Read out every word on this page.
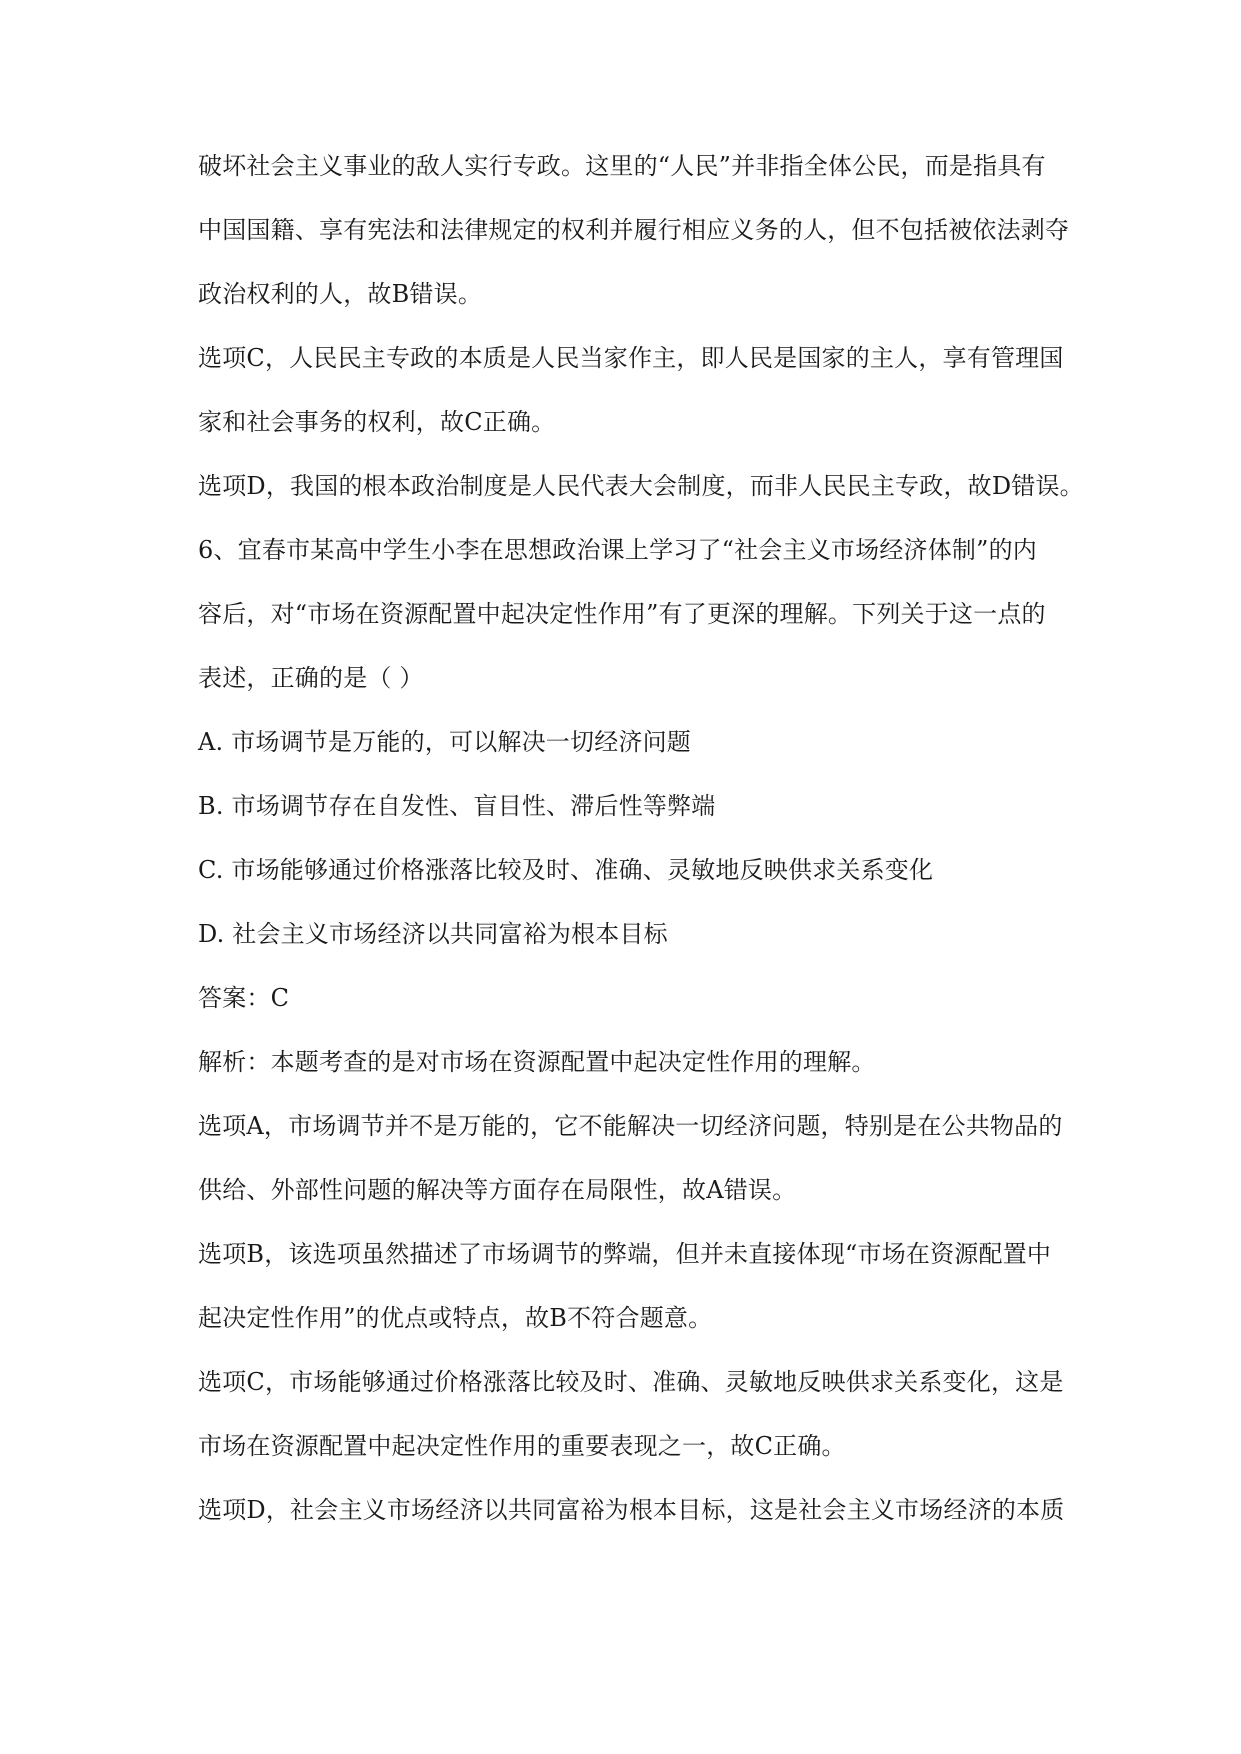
破坏社会主义事业的敌人实行专政。这里的“人民”并非指全体公民，而是指具有
中国国籍、享有宪法和法律规定的权利并履行相应义务的人，但不包括被依法剥夺
政治权利的人，故B错误。
选项C，人民民主专政的本质是人民当家作主，即人民是国家的主人，享有管理国
家和社会事务的权利，故C正确。
选项D，我国的根本政治制度是人民代表大会制度，而非人民民主专政，故D错误。
6、宜春市某高中学生小李在思想政治课上学习了“社会主义市场经济体制”的内
容后，对“市场在资源配置中起决定性作用”有了更深的理解。下列关于这一点的
表述，正确的是（ ）
A. 市场调节是万能的，可以解决一切经济问题
B. 市场调节存在自发性、盲目性、滞后性等弊端
C. 市场能够通过价格涨落比较及时、准确、灵敏地反映供求关系变化
D. 社会主义市场经济以共同富裕为根本目标
答案：C
解析：本题考查的是对市场在资源配置中起决定性作用的理解。
选项A，市场调节并不是万能的，它不能解决一切经济问题，特别是在公共物品的
供给、外部性问题的解决等方面存在局限性，故A错误。
选项B，该选项虽然描述了市场调节的弊端，但并未直接体现“市场在资源配置中
起决定性作用”的优点或特点，故B不符合题意。
选项C，市场能够通过价格涨落比较及时、准确、灵敏地反映供求关系变化，这是
市场在资源配置中起决定性作用的重要表现之一，故C正确。
选项D，社会主义市场经济以共同富裕为根本目标，这是社会主义市场经济的本质
